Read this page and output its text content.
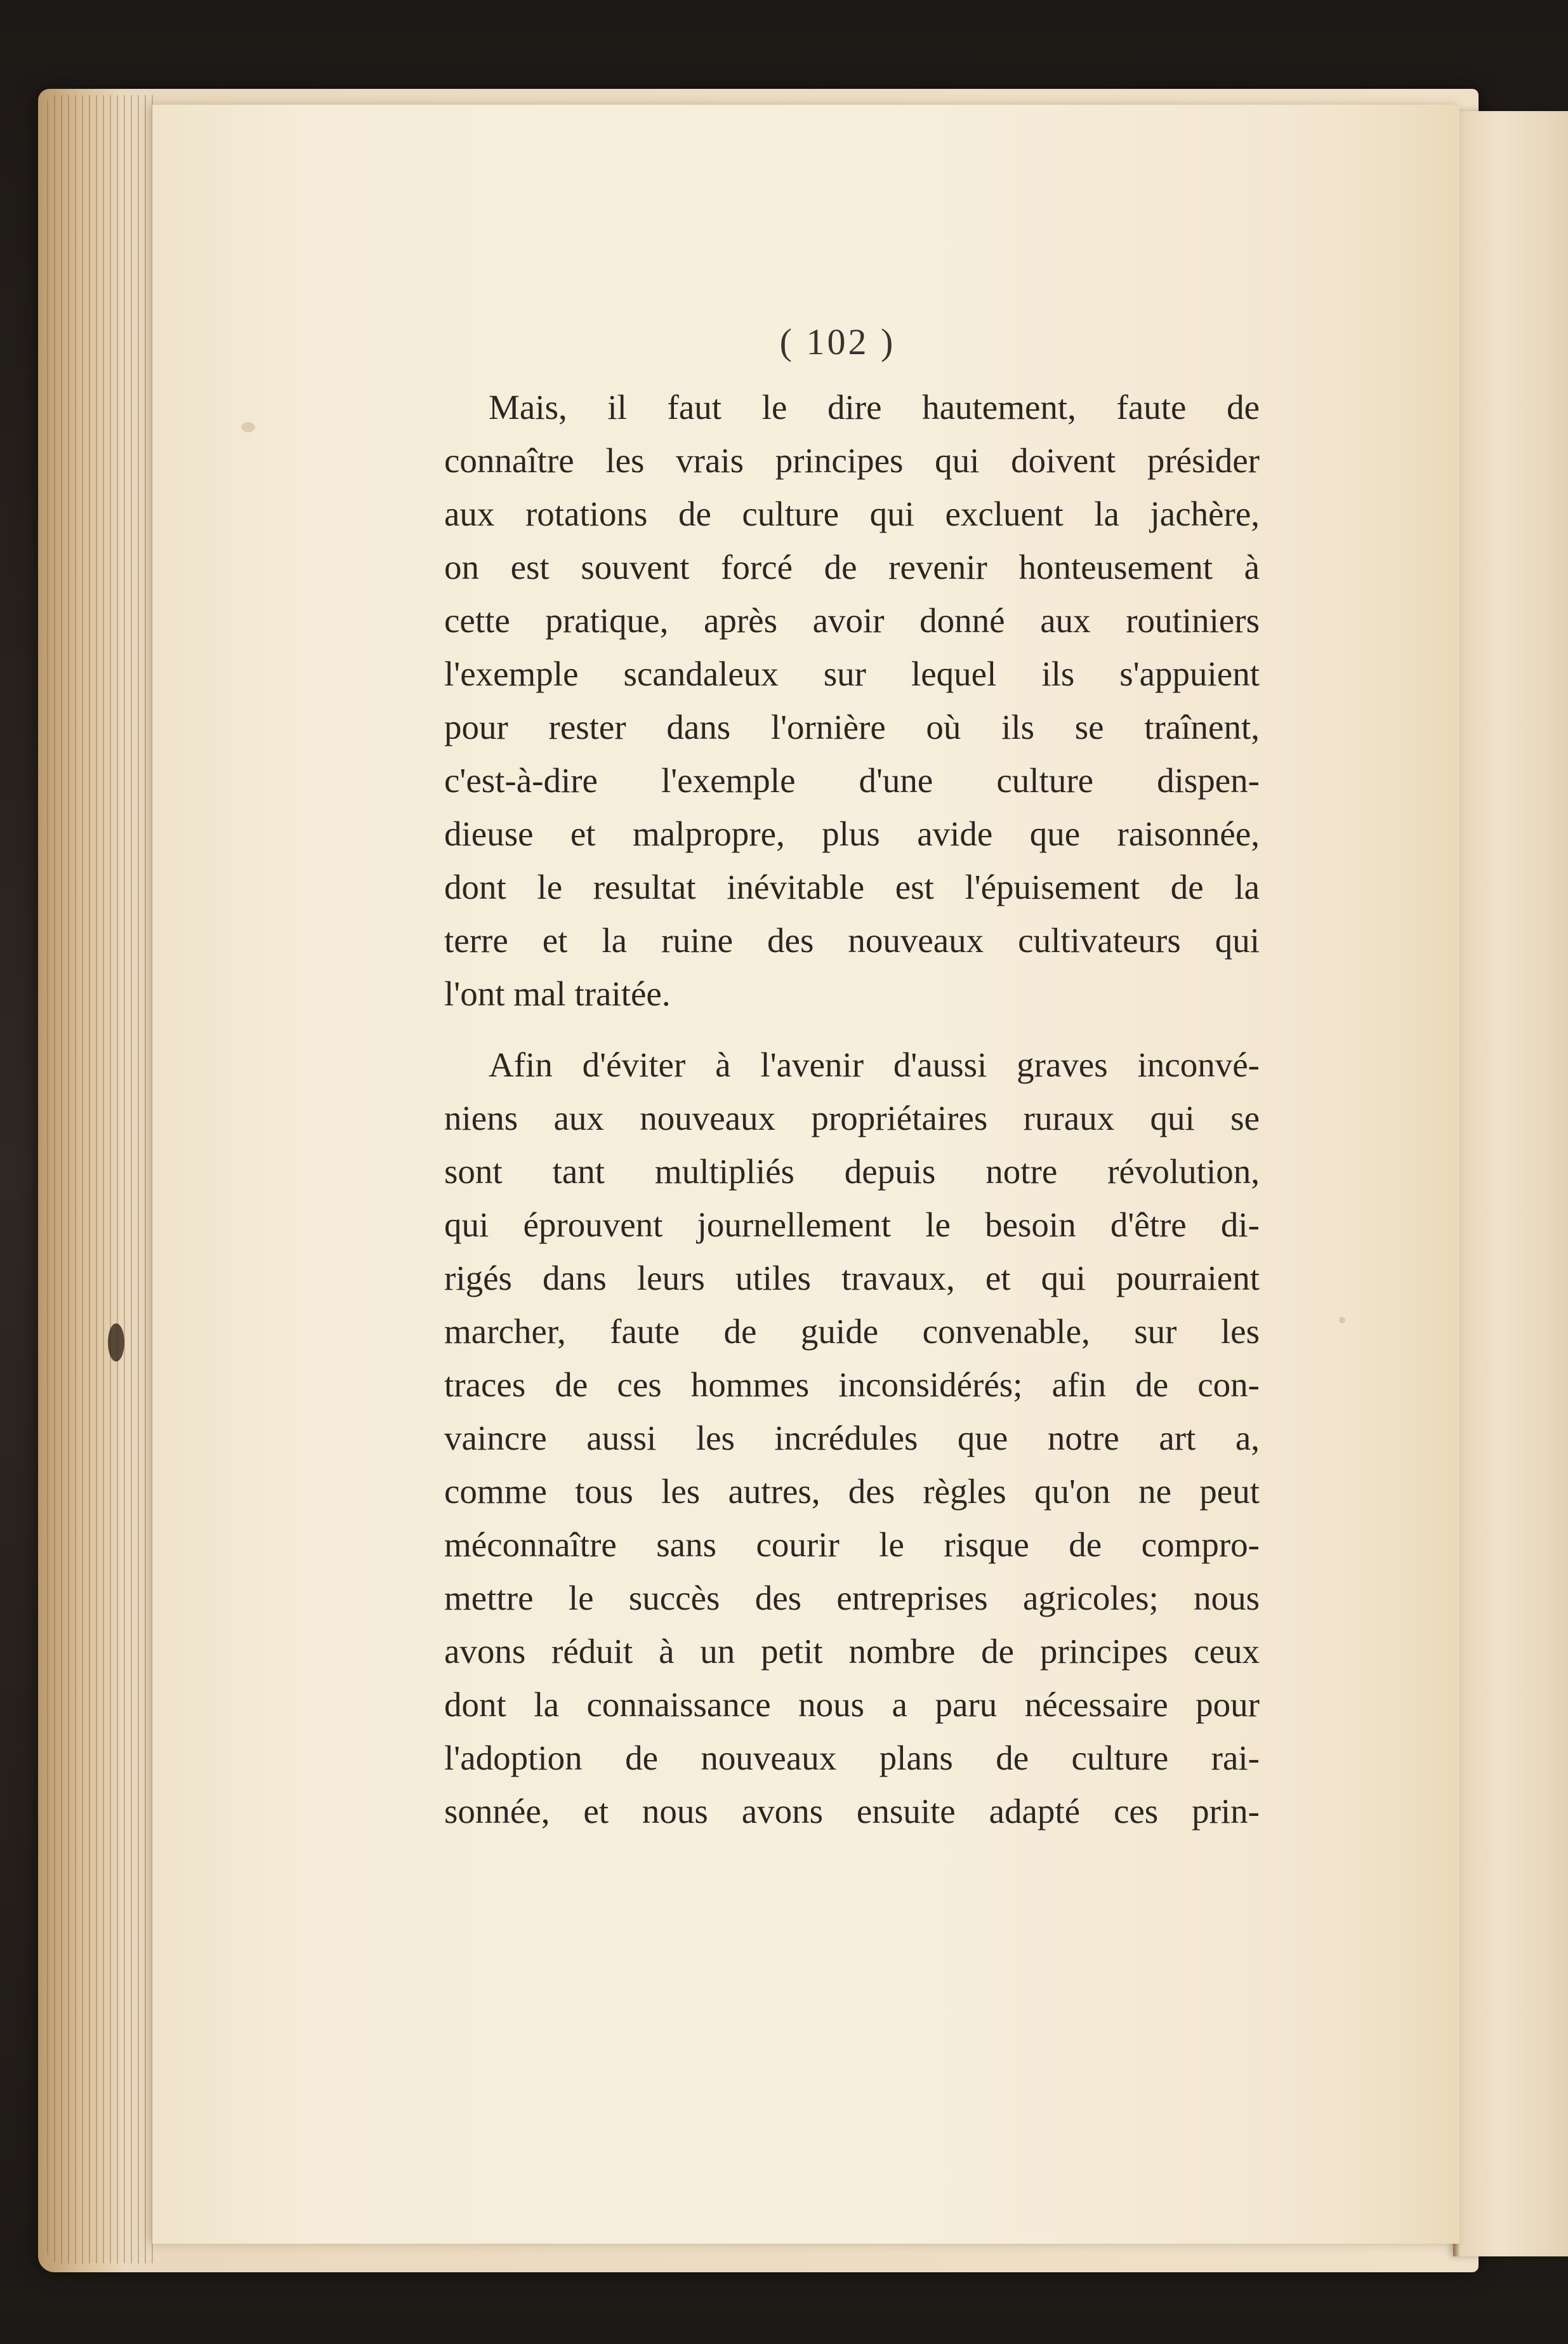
( 102 )
Mais, il faut le dire hautement, faute de
connaître les vrais principes qui doivent présider
aux rotations de culture qui excluent la jachère,
on est souvent forcé de revenir honteusement à
cette pratique, après avoir donné aux routiniers
l'exemple scandaleux sur lequel ils s'appuient
pour rester dans l'ornière où ils se traînent,
c'est-à-dire l'exemple d'une culture dispen-
dieuse et malpropre, plus avide que raisonnée,
dont le resultat inévitable est l'épuisement de la
terre et la ruine des nouveaux cultivateurs qui
l'ont mal traitée.
Afin d'éviter à l'avenir d'aussi graves inconvé-
niens aux nouveaux propriétaires ruraux qui se
sont tant multipliés depuis notre révolution,
qui éprouvent journellement le besoin d'être di-
rigés dans leurs utiles travaux, et qui pourraient
marcher, faute de guide convenable, sur les
traces de ces hommes inconsidérés; afin de con-
vaincre aussi les incrédules que notre art a,
comme tous les autres, des règles qu'on ne peut
méconnaître sans courir le risque de compro-
mettre le succès des entreprises agricoles; nous
avons réduit à un petit nombre de principes ceux
dont la connaissance nous a paru nécessaire pour
l'adoption de nouveaux plans de culture rai-
sonnée, et nous avons ensuite adapté ces prin-
